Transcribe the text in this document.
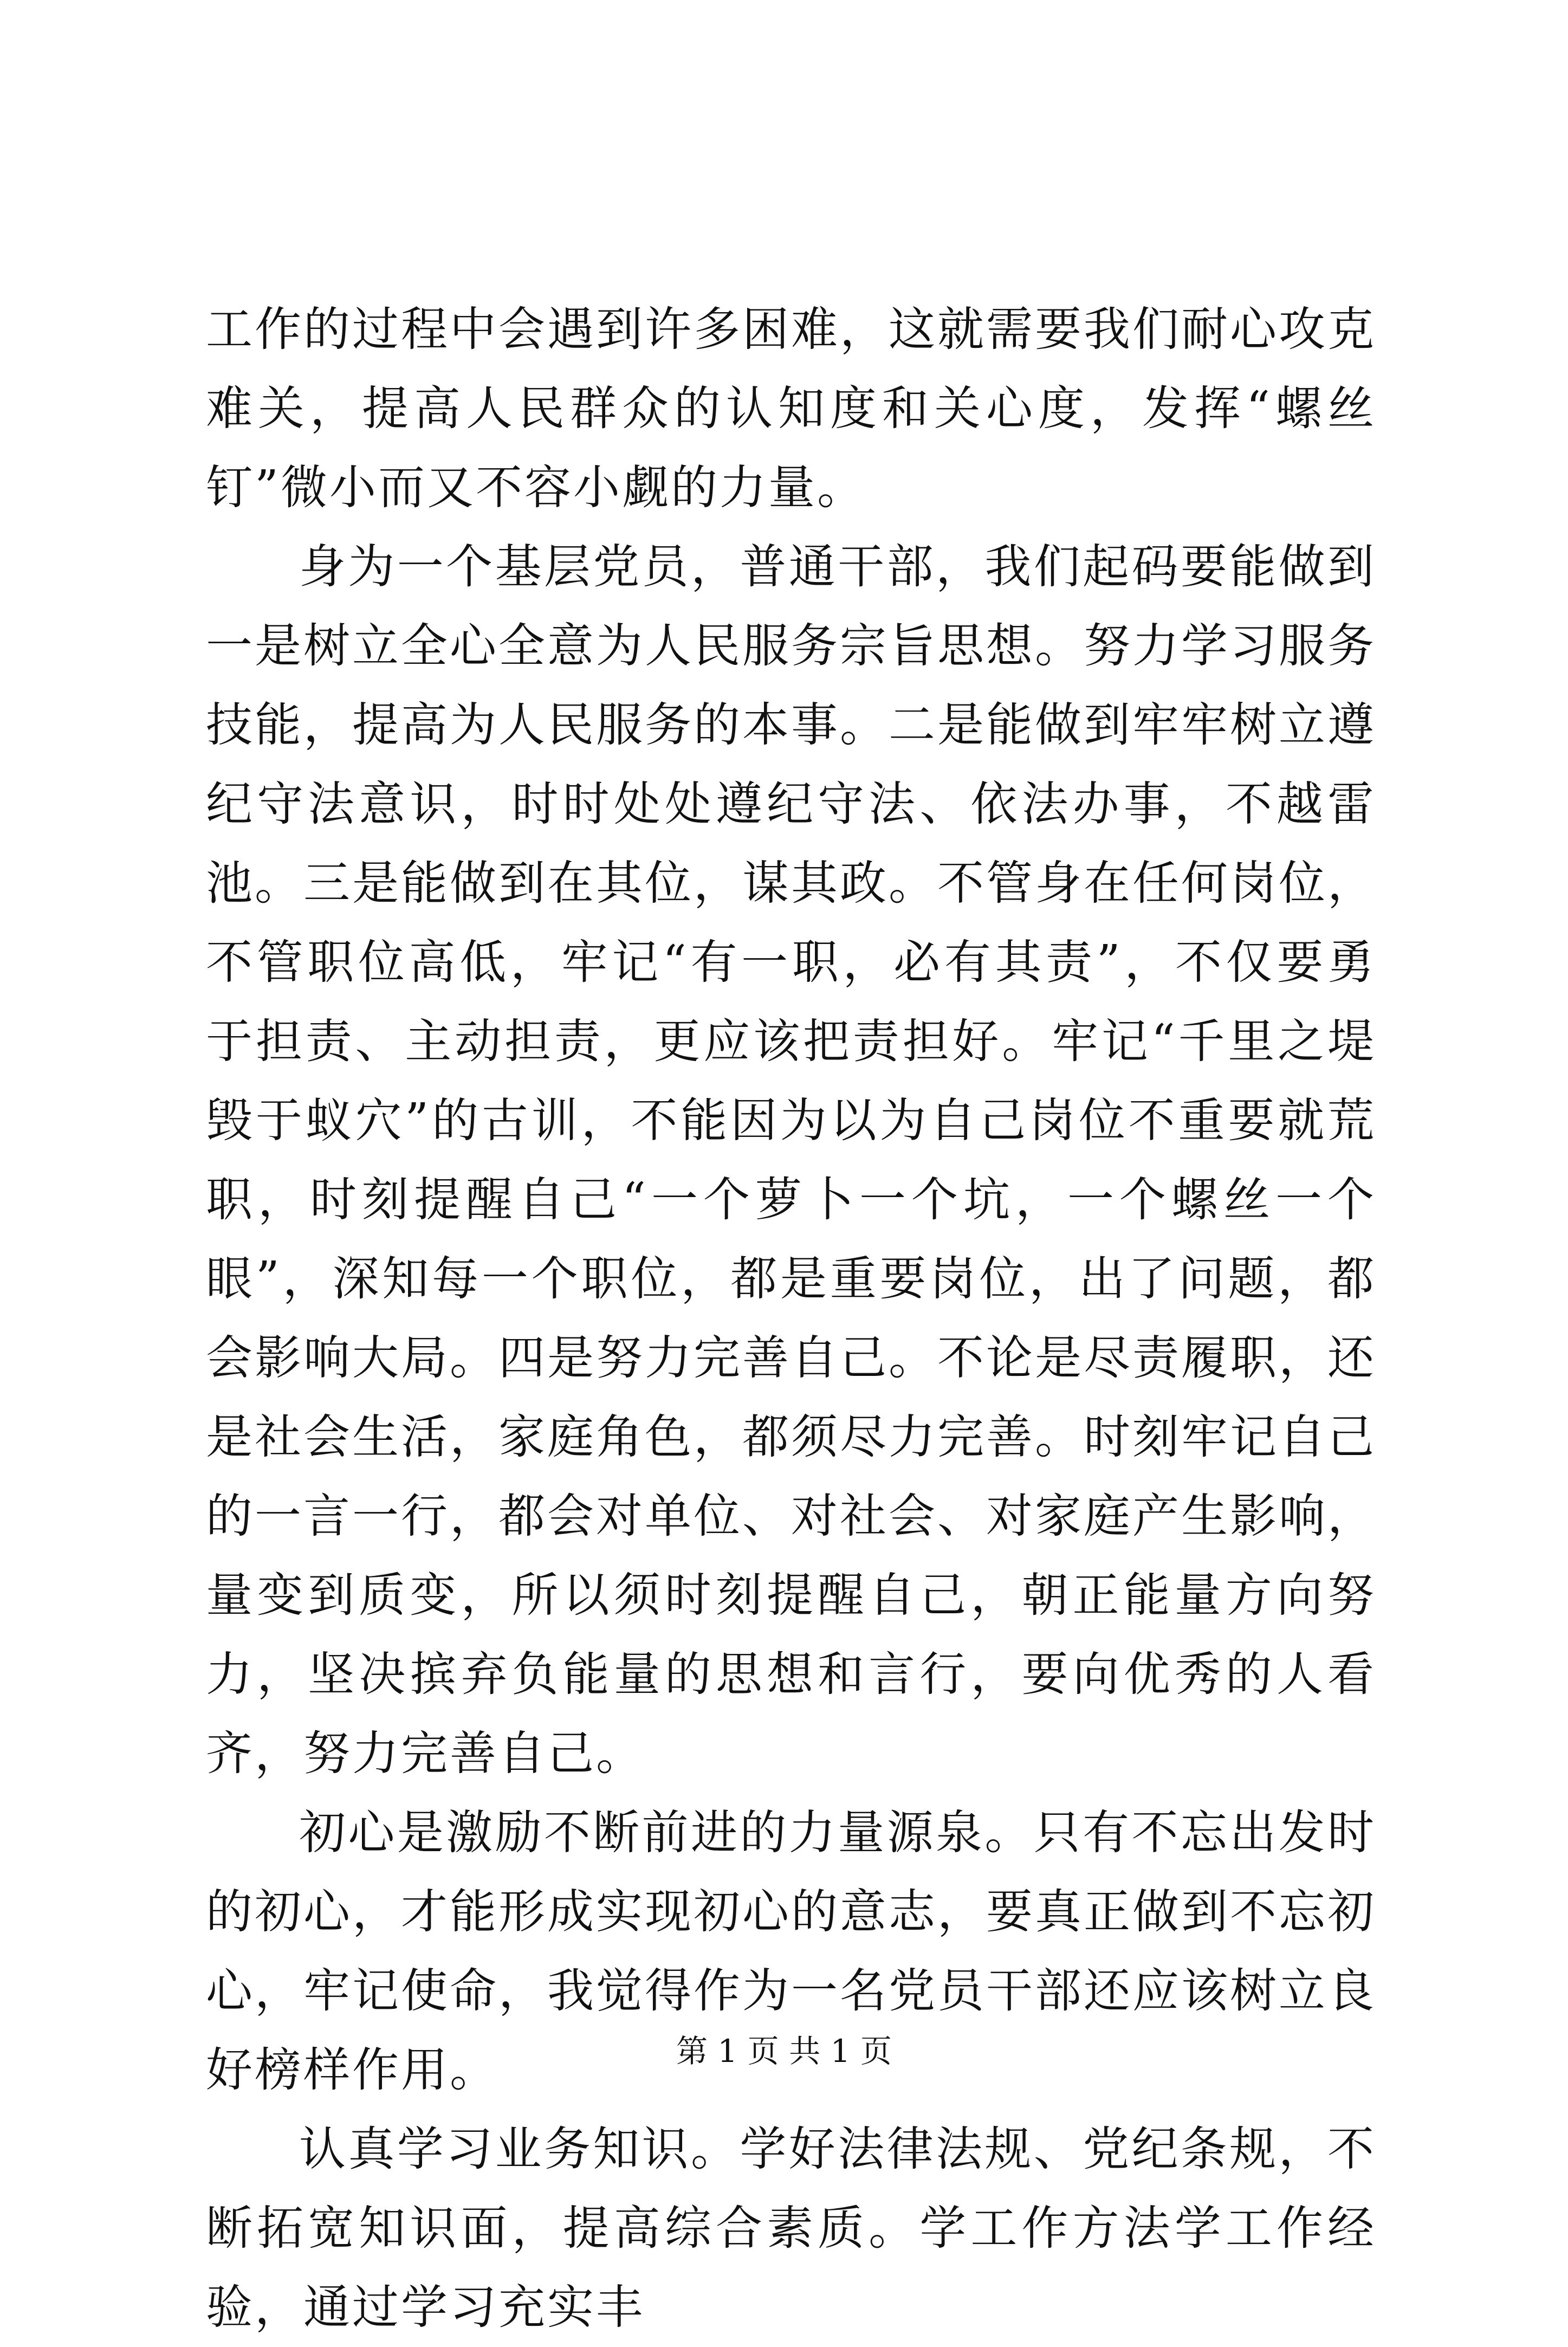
工作的过程中会遇到许多困难，这就需要我们耐心攻克难关，提高人民群众的认知度和关心度，发挥“螺丝钉”微小而又不容小觑的力量。

身为一个基层党员，普通干部，我们起码要能做到一是树立全心全意为人民服务宗旨思想。努力学习服务技能，提高为人民服务的本事。二是能做到牢牢树立遵纪守法意识，时时处处遵纪守法、依法办事，不越雷池。三是能做到在其位，谋其政。不管身在任何岗位，不管职位高低，牢记“有一职，必有其责”，不仅要勇于担责、主动担责，更应该把责担好。牢记“千里之堤毁于蚁穴”的古训，不能因为以为自己岗位不重要就荒职，时刻提醒自己“一个萝卜一个坑，一个螺丝一个眼”，深知每一个职位，都是重要岗位，出了问题，都会影响大局。四是努力完善自己。不论是尽责履职，还是社会生活，家庭角色，都须尽力完善。时刻牢记自己的一言一行，都会对单位、对社会、对家庭产生影响，量变到质变，所以须时刻提醒自己，朝正能量方向努力，坚决摈弃负能量的思想和言行，要向优秀的人看齐，努力完善自己。

初心是激励不断前进的力量源泉。只有不忘出发时的初心，才能形成实现初心的意志，要真正做到不忘初心，牢记使命，我觉得作为一名党员干部还应该树立良好榜样作用。

认真学习业务知识。学好法律法规、党纪条规，不断拓宽知识面，提高综合素质。学工作方法学工作经验，通过学习充实丰

第 1 页 共 1 页
